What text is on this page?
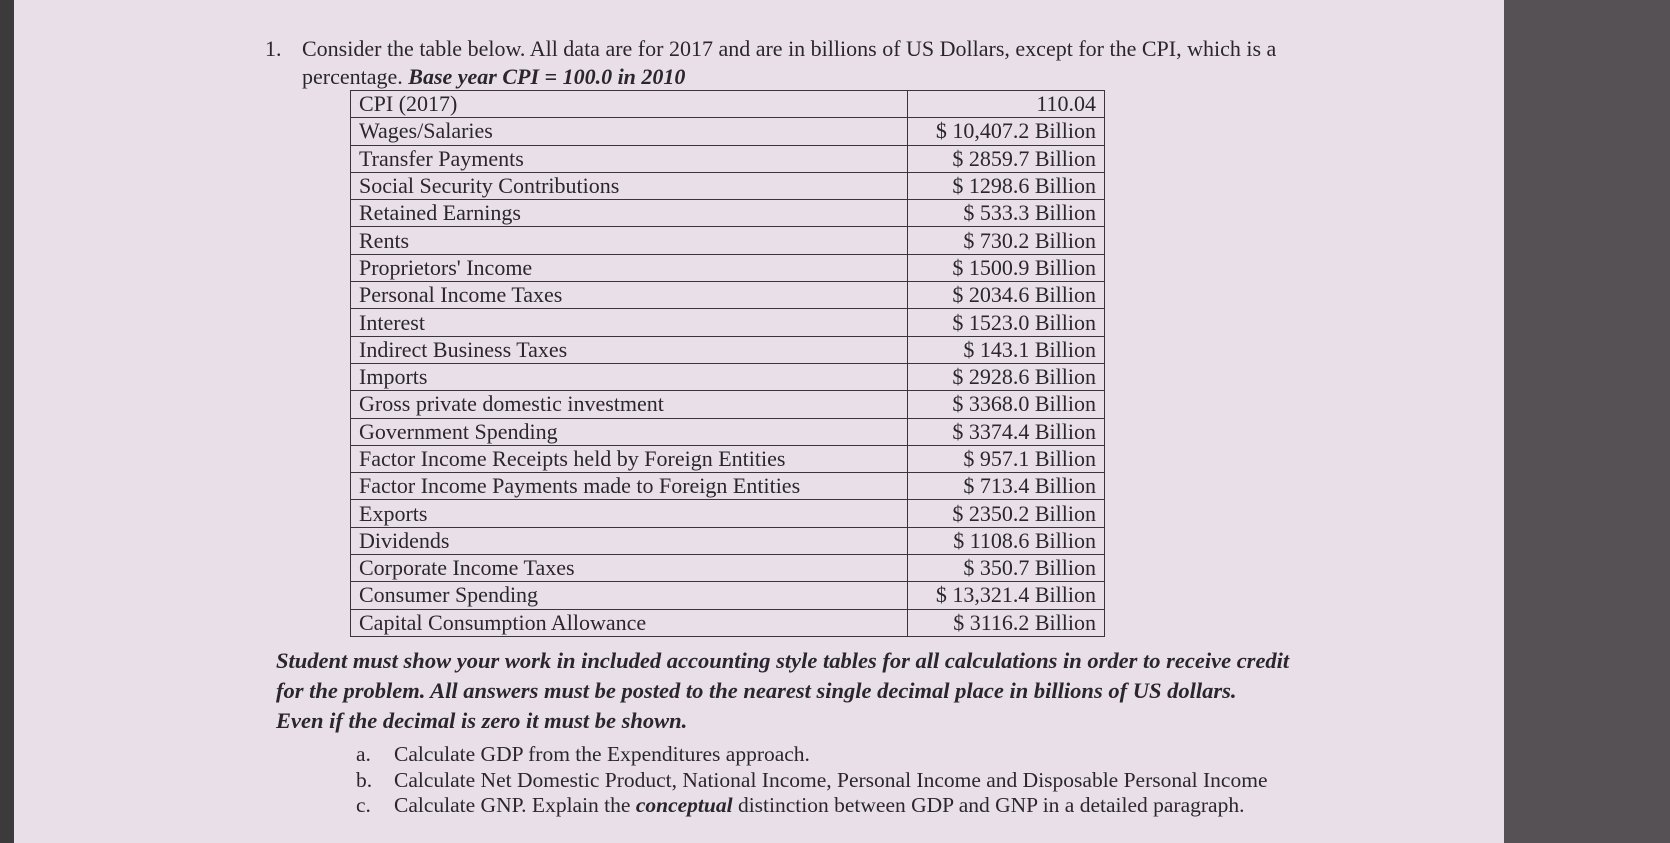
1. Consider the table below. All data are for 2017 and are in billions of US Dollars, except for the CPI, which is a
percentage. Base year CPI = 100.0 in 2010
CPI (2017)	110.04
Wages/Salaries	$ 10,407.2 Billion
Transfer Payments	$ 2859.7 Billion
Social Security Contributions	$ 1298.6 Billion
Retained Earnings	$ 533.3 Billion
Rents	$ 730.2 Billion
Proprietors' Income	$ 1500.9 Billion
Personal Income Taxes	$ 2034.6 Billion
Interest	$ 1523.0 Billion
Indirect Business Taxes	$ 143.1 Billion
Imports	$ 2928.6 Billion
Gross private domestic investment	$ 3368.0 Billion
Government Spending	$ 3374.4 Billion
Factor Income Receipts held by Foreign Entities	$ 957.1 Billion
Factor Income Payments made to Foreign Entities	$ 713.4 Billion
Exports	$ 2350.2 Billion
Dividends	$ 1108.6 Billion
Corporate Income Taxes	$ 350.7 Billion
Consumer Spending	$ 13,321.4 Billion
Capital Consumption Allowance	$ 3116.2 Billion
Student must show your work in included accounting style tables for all calculations in order to receive credit
for the problem. All answers must be posted to the nearest single decimal place in billions of US dollars.
Even if the decimal is zero it must be shown.
a. Calculate GDP from the Expenditures approach.
b. Calculate Net Domestic Product, National Income, Personal Income and Disposable Personal Income
c. Calculate GNP. Explain the conceptual distinction between GDP and GNP in a detailed paragraph.
